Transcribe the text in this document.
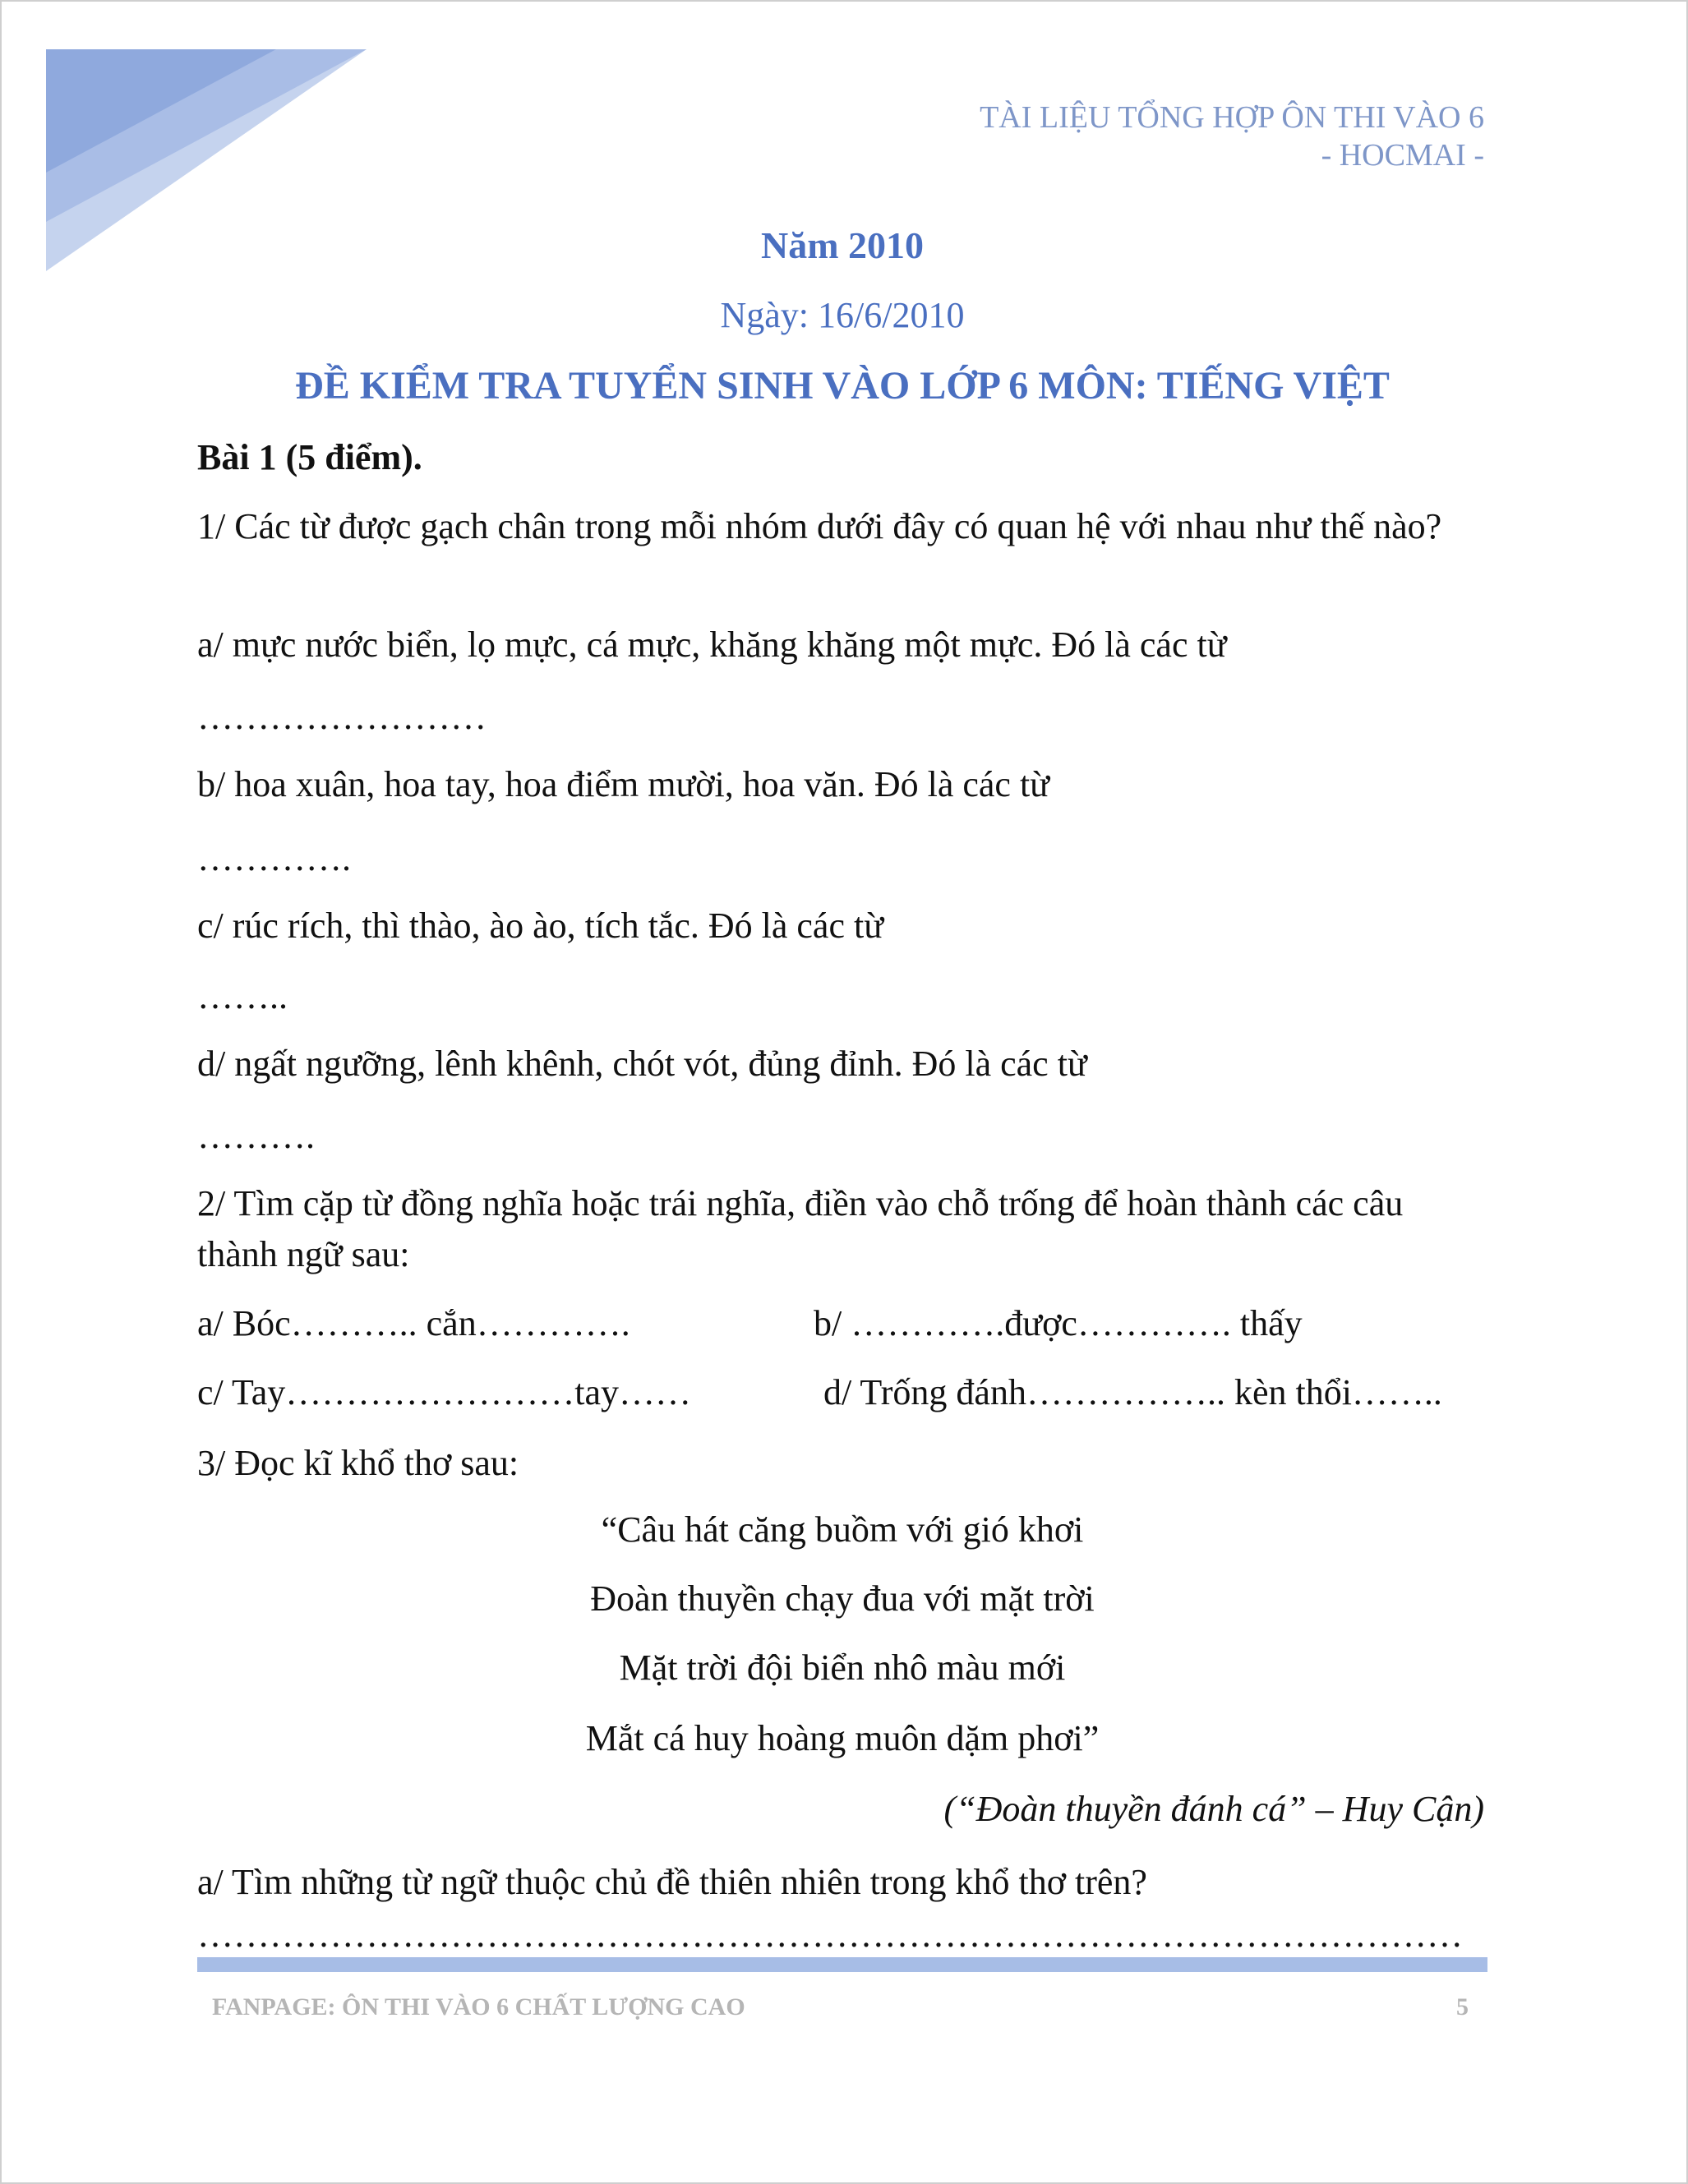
TÀI LIỆU TỔNG HỢP ÔN THI VÀO 6
- HOCMAI -
Năm 2010
Ngày: 16/6/2010
ĐỀ KIỂM TRA TUYỂN SINH VÀO LỚP 6 MÔN: TIẾNG VIỆT
Bài 1 (5 điểm).
1/ Các từ được gạch chân trong mỗi nhóm dưới đây có quan hệ với nhau như thế nào?
a/ mực nước biển, lọ mực, cá mực, khăng khăng một mực. Đó là các từ
……………………
b/ hoa xuân, hoa tay, hoa điểm mười, hoa văn. Đó là các từ
………….
c/ rúc rích, thì thào, ào ào, tích tắc. Đó là các từ
……..
d/ ngất ngưỡng, lênh khênh, chót vót, đủng đỉnh. Đó là các từ
……….
2/ Tìm cặp từ đồng nghĩa hoặc trái nghĩa, điền vào chỗ trống để hoàn thành các câu thành ngữ sau:
a/ Bóc……….. cắn………….	b/ ………….được…………. thấy
c/ Tay……………………tay……	d/ Trống đánh…………….. kèn thổi……..
3/ Đọc kĩ khổ thơ sau:
“Câu hát căng buồm với gió khơi
Đoàn thuyền chạy đua với mặt trời
Mặt trời đội biển nhô màu mới
Mắt cá huy hoàng muôn dặm phơi”
(“Đoàn thuyền đánh cá” – Huy Cận)
a/ Tìm những từ ngữ thuộc chủ đề thiên nhiên trong khổ thơ trên?
……………………………………………………………………………………………
FANPAGE: ÔN THI VÀO 6 CHẤT LƯỢNG CAO	5
